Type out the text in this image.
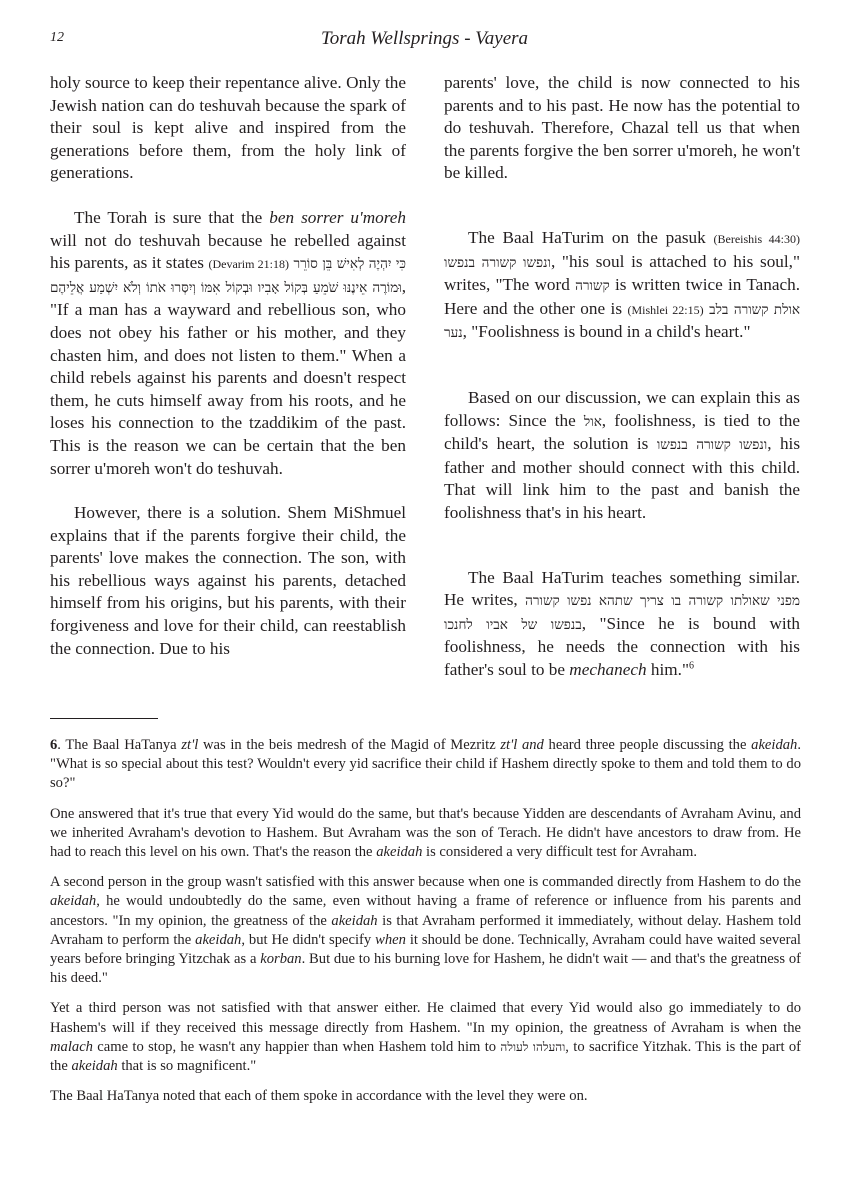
12	Torah Wellsprings - Vayera

holy source to keep their repentance alive. Only the Jewish nation can do teshuvah because the spark of their soul is kept alive and inspired from the generations before them, from the holy link of generations.

The Torah is sure that the ben sorrer u'moreh will not do teshuvah because he rebelled against his parents, as it states (Devarim 21:18) כִּי יִהְיֶה לְאִישׁ בֵּן סוֹרֵר וּמוֹרֶה אֵינֶנּוּ שֹׁמֵעַ בְּקוֹל אָבִיו וּבְקוֹל אִמּוֹ וְיִסְּרוּ אֹתוֹ וְלֹא יִשְׁמַע אֲלֵיהֶם, "If a man has a wayward and rebellious son, who does not obey his father or his mother, and they chasten him, and does not listen to them." When a child rebels against his parents and doesn't respect them, he cuts himself away from his roots, and he loses his connection to the tzaddikim of the past. This is the reason we can be certain that the ben sorrer u'moreh won't do teshuvah.

However, there is a solution. Shem MiShmuel explains that if the parents forgive their child, the parents' love makes the connection. The son, with his rebellious ways against his parents, detached himself from his origins, but his parents, with their forgiveness and love for their child, can reestablish the connection. Due to his

parents' love, the child is now connected to his parents and to his past. He now has the potential to do teshuvah. Therefore, Chazal tell us that when the parents forgive the ben sorrer u'moreh, he won't be killed.

The Baal HaTurim on the pasuk (Bereishis 44:30) ונפשו קשורה בנפשו, "his soul is attached to his soul," writes, "The word קשורה is written twice in Tanach. Here and the other one is (Mishlei 22:15) אולת קשורה בלב נער, "Foolishness is bound in a child's heart."

Based on our discussion, we can explain this as follows: Since the אול, foolishness, is tied to the child's heart, the solution is ונפשו קשורה בנפשו, his father and mother should connect with this child. That will link him to the past and banish the foolishness that's in his heart.

The Baal HaTurim teaches something similar. He writes, מפני שאולתו קשורה בו צריך שתהא נפשו קשורה בנפשו של אביו לחנכו, "Since he is bound with foolishness, he needs the connection with his father's soul to be mechanech him."$^6$

6. The Baal HaTanya zt'l was in the beis medresh of the Magid of Mezritz zt'l and heard three people discussing the akeidah. "What is so special about this test? Wouldn't every yid sacrifice their child if Hashem directly spoke to them and told them to do so?"

One answered that it's true that every Yid would do the same, but that's because Yidden are descendants of Avraham Avinu, and we inherited Avraham's devotion to Hashem. But Avraham was the son of Terach. He didn't have ancestors to draw from. He had to reach this level on his own. That's the reason the akeidah is considered a very difficult test for Avraham.

A second person in the group wasn't satisfied with this answer because when one is commanded directly from Hashem to do the akeidah, he would undoubtedly do the same, even without having a frame of reference or influence from his parents and ancestors. "In my opinion, the greatness of the akeidah is that Avraham performed it immediately, without delay. Hashem told Avraham to perform the akeidah, but He didn't specify when it should be done. Technically, Avraham could have waited several years before bringing Yitzchak as a korban. But due to his burning love for Hashem, he didn't wait — and that's the greatness of his deed."

Yet a third person was not satisfied with that answer either. He claimed that every Yid would also go immediately to do Hashem's will if they received this message directly from Hashem. "In my opinion, the greatness of Avraham is when the malach came to stop, he wasn't any happier than when Hashem told him to והעלהו לעולה, to sacrifice Yitzhak. This is the part of the akeidah that is so magnificent."

The Baal HaTanya noted that each of them spoke in accordance with the level they were on.
